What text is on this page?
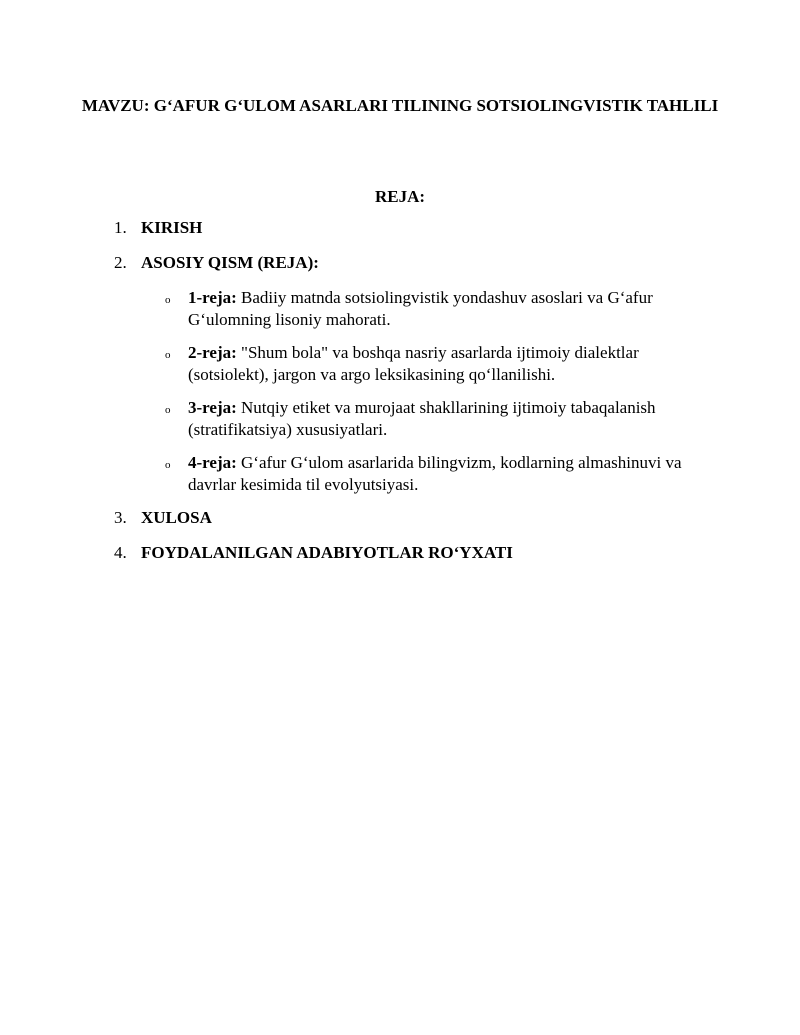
MAVZU: G‘AFUR G‘ULOM ASARLARI TILINING SOTSIOLINGVISTIK TAHLILI
REJA:
1. KIRISH
2. ASOSIY QISM (REJA):
o 1-reja: Badiiy matnda sotsiolingvistik yondashuv asoslari va G‘afur G‘ulomning lisoniy mahorati.
o 2-reja: "Shum bola" va boshqa nasriy asarlarda ijtimoiy dialektlar (sotsiolekt), jargon va argo leksikasining qo‘llanilishi.
o 3-reja: Nutqiy etiket va murojaat shakllarining ijtimoiy tabaqalanish (stratifikatsiya) xususiyatlari.
o 4-reja: G‘afur G‘ulom asarlarida bilingvizm, kodlarning almashinuvi va davrlar kesimida til evolyutsiyasi.
3. XULOSA
4. FOYDALANILGAN ADABIYOTLAR RO‘YXATI
